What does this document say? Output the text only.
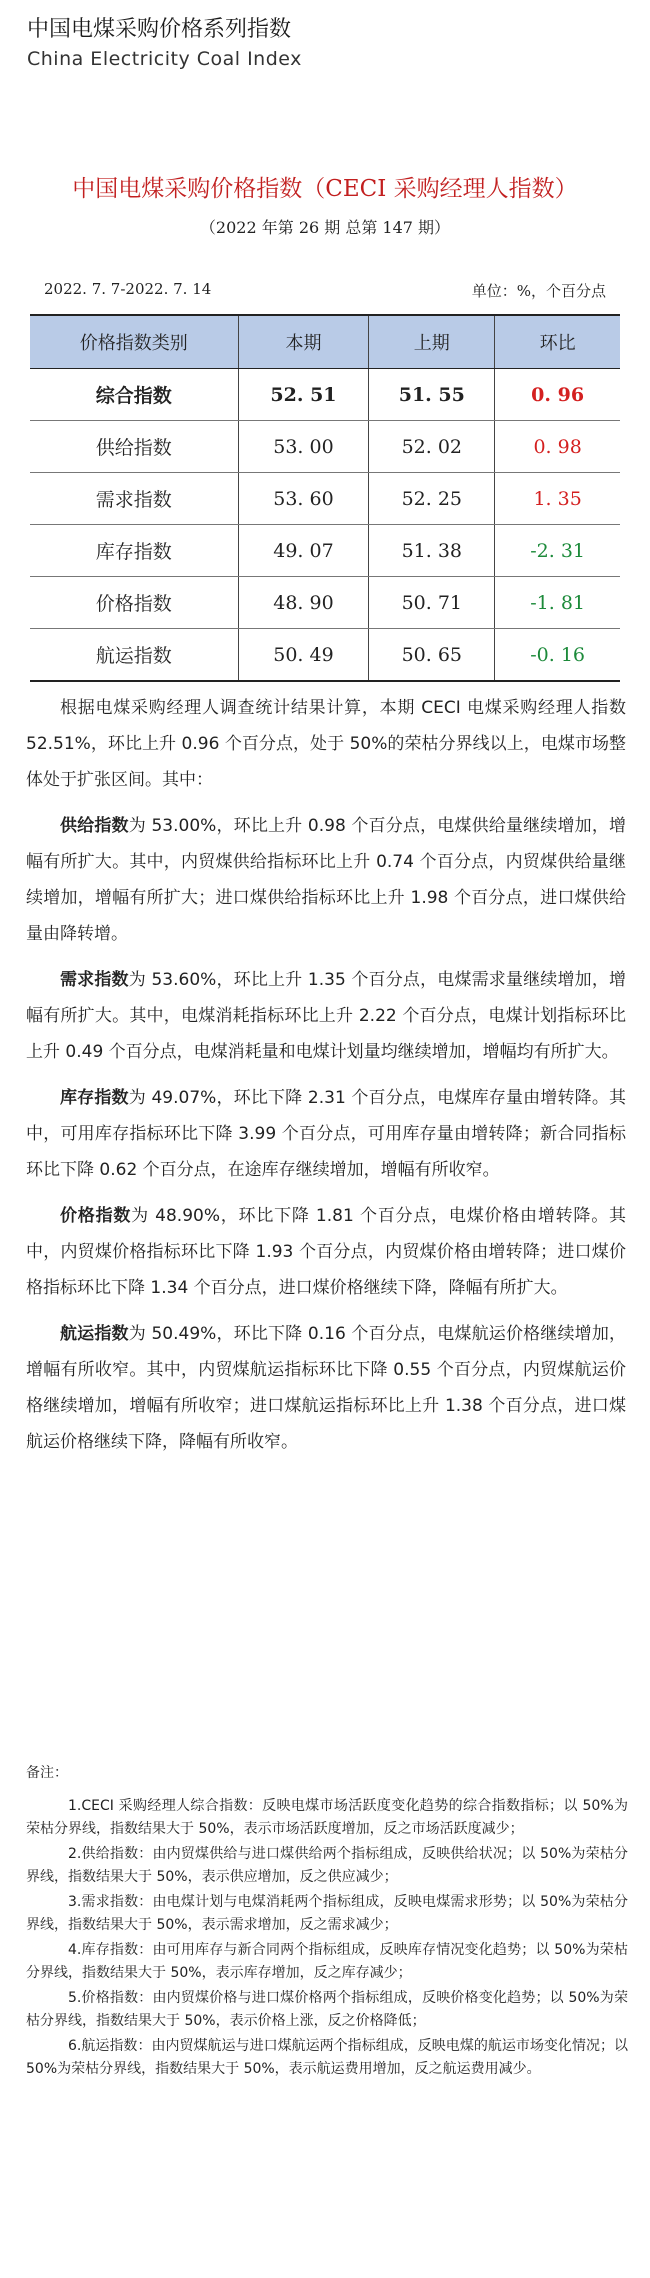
中国电煤采购价格系列指数
China Electricity Coal Index
中国电煤采购价格指数（CECI 采购经理人指数）
（2022 年第 26 期 总第 147 期）
2022. 7. 7-2022. 7. 14	单位：%，个百分点
价格指数类别	本期	上期	环比
综合指数	52. 51	51. 55	0. 96
供给指数	53. 00	52. 02	0. 98
需求指数	53. 60	52. 25	1. 35
库存指数	49. 07	51. 38	-2. 31
价格指数	48. 90	50. 71	-1. 81
航运指数	50. 49	50. 65	-0. 16

根据电煤采购经理人调查统计结果计算，本期 CECI 电煤采购经理人指数 52.51%，环比上升 0.96 个百分点，处于 50%的荣枯分界线以上，电煤市场整体处于扩张区间。其中：

供给指数为 53.00%，环比上升 0.98 个百分点，电煤供给量继续增加，增幅有所扩大。其中，内贸煤供给指标环比上升 0.74 个百分点，内贸煤供给量继续增加，增幅有所扩大；进口煤供给指标环比上升 1.98 个百分点，进口煤供给量由降转增。

需求指数为 53.60%，环比上升 1.35 个百分点，电煤需求量继续增加，增幅有所扩大。其中，电煤消耗指标环比上升 2.22 个百分点，电煤计划指标环比上升 0.49 个百分点，电煤消耗量和电煤计划量均继续增加，增幅均有所扩大。

库存指数为 49.07%，环比下降 2.31 个百分点，电煤库存量由增转降。其中，可用库存指标环比下降 3.99 个百分点，可用库存量由增转降；新合同指标环比下降 0.62 个百分点，在途库存继续增加，增幅有所收窄。

价格指数为 48.90%，环比下降 1.81 个百分点，电煤价格由增转降。其中，内贸煤价格指标环比下降 1.93 个百分点，内贸煤价格由增转降；进口煤价格指标环比下降 1.34 个百分点，进口煤价格继续下降，降幅有所扩大。

航运指数为 50.49%，环比下降 0.16 个百分点，电煤航运价格继续增加，增幅有所收窄。其中，内贸煤航运指标环比下降 0.55 个百分点，内贸煤航运价格继续增加，增幅有所收窄；进口煤航运指标环比上升 1.38 个百分点，进口煤航运价格继续下降，降幅有所收窄。

备注：

1.CECI 采购经理人综合指数：反映电煤市场活跃度变化趋势的综合指数指标；以 50%为荣枯分界线，指数结果大于 50%，表示市场活跃度增加，反之市场活跃度减少；

2.供给指数：由内贸煤供给与进口煤供给两个指标组成，反映供给状况；以 50%为荣枯分界线，指数结果大于 50%，表示供应增加，反之供应减少；

3.需求指数：由电煤计划与电煤消耗两个指标组成，反映电煤需求形势；以 50%为荣枯分界线，指数结果大于 50%，表示需求增加，反之需求减少；

4.库存指数：由可用库存与新合同两个指标组成，反映库存情况变化趋势；以 50%为荣枯分界线，指数结果大于 50%，表示库存增加，反之库存减少；

5.价格指数：由内贸煤价格与进口煤价格两个指标组成，反映价格变化趋势；以 50%为荣枯分界线，指数结果大于 50%，表示价格上涨，反之价格降低；

6.航运指数：由内贸煤航运与进口煤航运两个指标组成，反映电煤的航运市场变化情况；以 50%为荣枯分界线，指数结果大于 50%，表示航运费用增加，反之航运费用减少。
